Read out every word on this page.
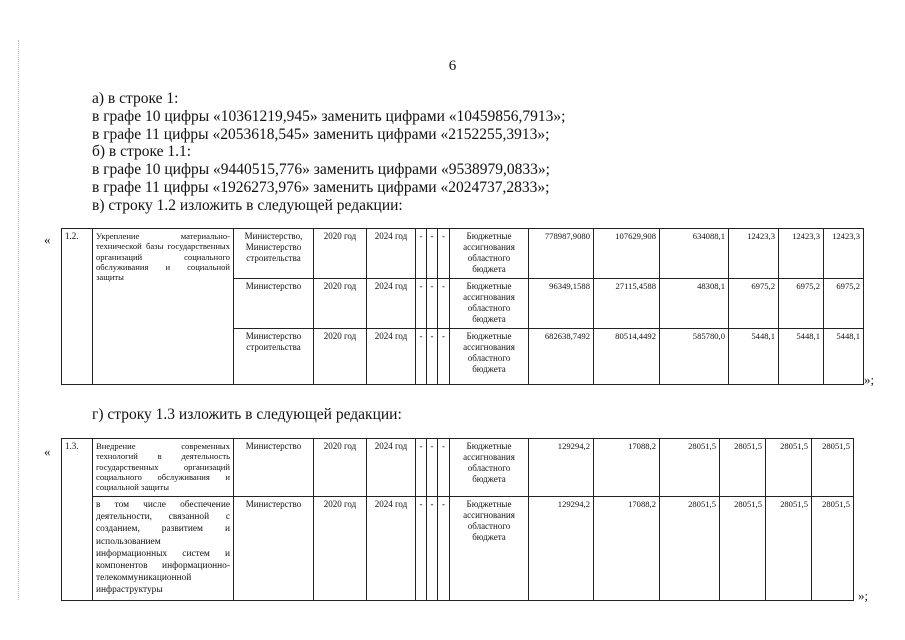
6
а) в строке 1:
в графе 10 цифры «10361219,945» заменить цифрами «10459856,7913»;
в графе 11 цифры «2053618,545» заменить цифрами «2152255,3913»;
б) в строке 1.1:
в графе 10 цифры «9440515,776» заменить цифрами «9538979,0833»;
в графе 11 цифры «1926273,976» заменить цифрами «2024737,2833»;
в) строку 1.2 изложить в следующей редакции:
« 1.2.	Укрепление материально-технической базы государственных организаций социального обслуживания и социальной защиты	Министерство, Министерство строительства	2020 год	2024 год	-	-	-	Бюджетные ассигнования областного бюджета	778987,9080	107629,908	634088,1	12423,3	12423,3	12423,3
		Министерство	2020 год	2024 год	-	-	-	Бюджетные ассигнования областного бюджета	96349,1588	27115,4588	48308,1	6975,2	6975,2	6975,2
		Министерство строительства	2020 год	2024 год	-	-	-	Бюджетные ассигнования областного бюджета	682638,7492	80514,4492	585780,0	5448,1	5448,1	5448,1
»;
г) строку 1.3 изложить в следующей редакции:
« 1.3.	Внедрение современных технологий в деятельность государственных организаций социального обслуживания и социальной защиты	Министерство	2020 год	2024 год	-	-	-	Бюджетные ассигнования областного бюджета	129294,2	17088,2	28051,5	28051,5	28051,5	28051,5
	в том числе обеспечение деятельности, связанной с созданием, развитием и использованием информационных систем и компонентов информационно-телекоммуникационной инфраструктуры	Министерство	2020 год	2024 год	-	-	-	Бюджетные ассигнования областного бюджета	129294,2	17088,2	28051,5	28051,5	28051,5	28051,5
»;
